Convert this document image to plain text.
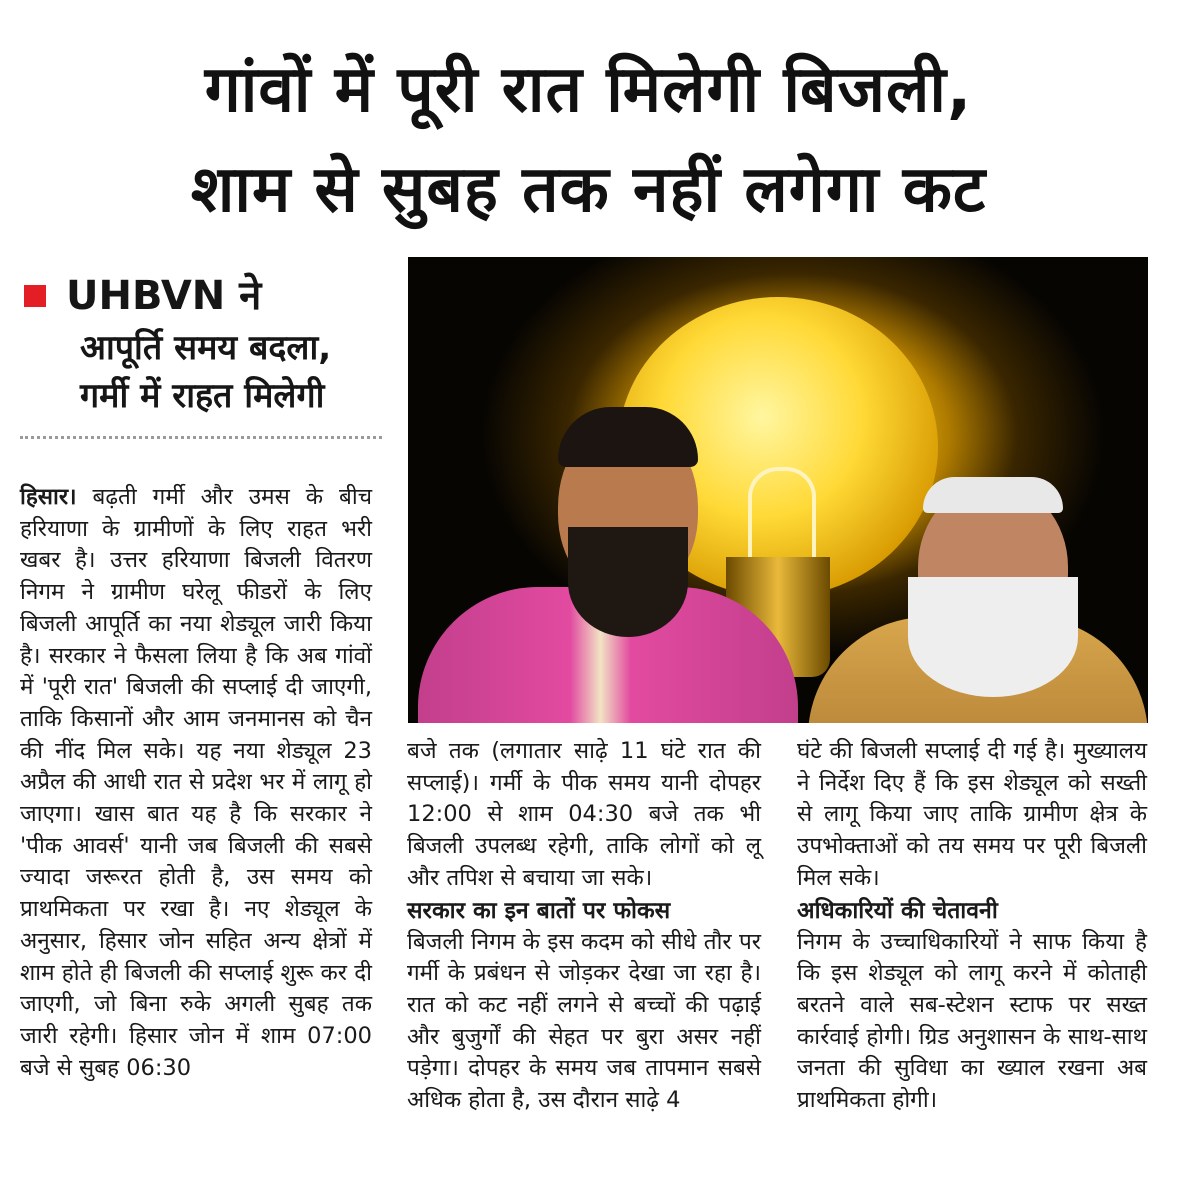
गांवों में पूरी रात मिलेगी बिजली,
शाम से सुबह तक नहीं लगेगा कट
UHBVN ने
आपूर्ति समय बदला,
गर्मी में राहत मिलेगी

हिसार। बढ़ती गर्मी और उमस के बीच हरियाणा के ग्रामीणों के लिए राहत भरी खबर है। उत्तर हरियाणा बिजली वितरण निगम ने ग्रामीण घरेलू फीडरों के लिए बिजली आपूर्ति का नया शेड्यूल जारी किया है। सरकार ने फैसला लिया है कि अब गांवों में 'पूरी रात' बिजली की सप्लाई दी जाएगी, ताकि किसानों और आम जनमानस को चैन की नींद मिल सके। यह नया शेड्यूल 23 अप्रैल की आधी रात से प्रदेश भर में लागू हो जाएगा। खास बात यह है कि सरकार ने 'पीक आवर्स' यानी जब बिजली की सबसे ज्यादा जरूरत होती है, उस समय को प्राथमिकता पर रखा है। नए शेड्यूल के अनुसार, हिसार जोन सहित अन्य क्षेत्रों में शाम होते ही बिजली की सप्लाई शुरू कर दी जाएगी, जो बिना रुके अगली सुबह तक जारी रहेगी। हिसार जोन में शाम 07:00 बजे से सुबह 06:30

बजे तक (लगातार साढ़े 11 घंटे रात की सप्लाई)। गर्मी के पीक समय यानी दोपहर 12:00 से शाम 04:30 बजे तक भी बिजली उपलब्ध रहेगी, ताकि लोगों को लू और तपिश से बचाया जा सके।

सरकार का इन बातों पर फोकस

बिजली निगम के इस कदम को सीधे तौर पर गर्मी के प्रबंधन से जोड़कर देखा जा रहा है। रात को कट नहीं लगने से बच्चों की पढ़ाई और बुजुर्गों की सेहत पर बुरा असर नहीं पड़ेगा। दोपहर के समय जब तापमान सबसे अधिक होता है, उस दौरान साढ़े 4

घंटे की बिजली सप्लाई दी गई है। मुख्यालय ने निर्देश दिए हैं कि इस शेड्यूल को सख्ती से लागू किया जाए ताकि ग्रामीण क्षेत्र के उपभोक्ताओं को तय समय पर पूरी बिजली मिल सके।

अधिकारियों की चेतावनी

निगम के उच्चाधिकारियों ने साफ किया है कि इस शेड्यूल को लागू करने में कोताही बरतने वाले सब-स्टेशन स्टाफ पर सख्त कार्रवाई होगी। ग्रिड अनुशासन के साथ-साथ जनता की सुविधा का ख्याल रखना अब प्राथमिकता होगी।
